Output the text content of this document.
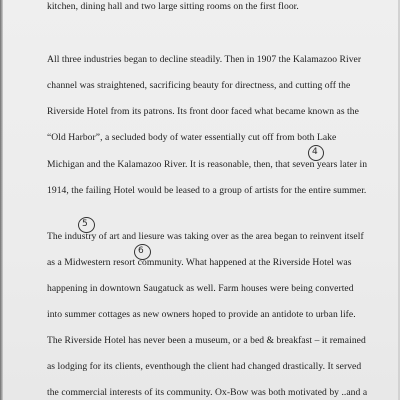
kitchen, dining hall and two large sitting rooms on the first floor.
All three industries began to decline steadily. Then in 1907 the Kalamazoo River
channel was straightened, sacrificing beauty for directness, and cutting off the
Riverside Hotel from its patrons. Its front door faced what became known as the
“Old Harbor”, a secluded body of water essentially cut off from both Lake
Michigan and the Kalamazoo River. It is reasonable, then, that seven years later in
1914, the failing Hotel would be leased to a group of artists for the entire summer.
The industry of art and liesure was taking over as the area began to reinvent itself
as a Midwestern resort community. What happened at the Riverside Hotel was
happening in downtown Saugatuck as well. Farm houses were being converted
into summer cottages as new owners hoped to provide an antidote to urban life.
The Riverside Hotel has never been a museum, or a bed & breakfast – it remained
as lodging for its clients, eventhough the client had changed drastically. It served
the commercial interests of its community. Ox-Bow was both motivated by ..and a
4
5
6
